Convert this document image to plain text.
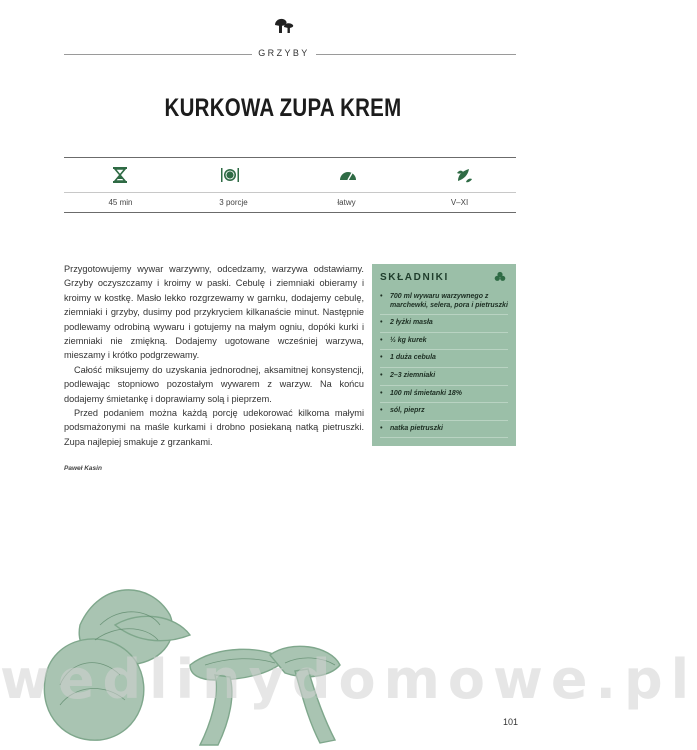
GRZYBY
KURKOWA ZUPA KREM
45 min	3 porcje	łatwy	V–XI

Przygotowujemy wywar warzywny, odcedzamy, warzywa odstawiamy. Grzyby oczyszczamy i kroimy w paski. Cebulę i ziemniaki obieramy i kroimy w kostkę. Masło lekko rozgrzewamy w garnku, dodajemy cebulę, ziemniaki i grzyby, dusimy pod przykryciem kilkanaście minut. Następnie podlewamy odrobiną wywaru i gotujemy na małym ogniu, dopóki kurki i ziemniaki nie zmiękną. Dodajemy ugotowane wcześniej warzywa, mieszamy i krótko podgrzewamy.

Całość miksujemy do uzyskania jednorodnej, aksamitnej konsystencji, podlewając stopniowo pozostałym wywarem z warzyw. Na końcu dodajemy śmietankę i doprawiamy solą i pieprzem.

Przed podaniem można każdą porcję udekorować kilkoma małymi podsmażonymi na maśle kurkami i drobno posiekaną natką pietruszki. Zupa najlepiej smakuje z grzankami.

Paweł Kasin
SKŁADNIKI
• 700 ml wywaru warzywnego z marchewki, selera, pora i pietruszki
• 2 łyżki masła
• ½ kg kurek
• 1 duża cebula
• 2–3 ziemniaki
• 100 ml śmietanki 18%
• sól, pieprz
• natka pietruszki
wedlinydomowe.pl
101
